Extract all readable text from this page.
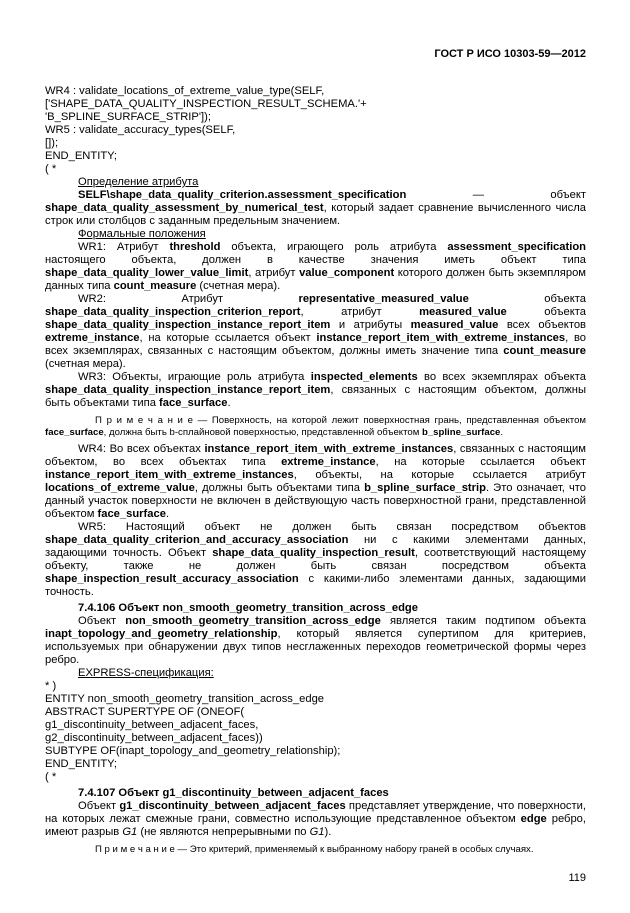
ГОСТ Р ИСО 10303-59—2012
WR4 : validate_locations_of_extreme_value_type(SELF,
['SHAPE_DATA_QUALITY_INSPECTION_RESULT_SCHEMA.'+
'B_SPLINE_SURFACE_STRIP']);
WR5 : validate_accuracy_types(SELF,
[]);
END_ENTITY;
( *
Определение атрибута
SELF\shape_data_quality_criterion.assessment_specification — объект shape_data_quality_assessment_by_numerical_test, который задает сравнение вычисленного числа строк или столбцов с заданным предельным значением.
Формальные положения
WR1: Атрибут threshold объекта, играющего роль атрибута assessment_specification настоящего объекта, должен в качестве значения иметь объект типа shape_data_quality_lower_value_limit, атрибут value_component которого должен быть экземпляром данных типа count_measure (счетная мера).
WR2: Атрибут representative_measured_value объекта shape_data_quality_inspection_criterion_report, атрибут measured_value объекта shape_data_quality_inspection_instance_report_item и атрибуты measured_value всех объектов extreme_instance, на которые ссылается объект instance_report_item_with_extreme_instances, во всех экземплярах, связанных с настоящим объектом, должны иметь значение типа count_measure (счетная мера).
WR3: Объекты, играющие роль атрибута inspected_elements во всех экземплярах объекта shape_data_quality_inspection_instance_report_item, связанных с настоящим объектом, должны быть объектами типа face_surface.
П р и м е ч а н и е — Поверхность, на которой лежит поверхностная грань, представленная объектом face_surface, должна быть b-сплайновой поверхностью, представленной объектом b_spline_surface.
WR4: Во всех объектах instance_report_item_with_extreme_instances, связанных с настоящим объектом, во всех объектах типа extreme_instance, на которые ссылается объект instance_report_item_with_extreme_instances, объекты, на которые ссылается атрибут locations_of_extreme_value, должны быть объектами типа b_spline_surface_strip. Это означает, что данный участок поверхности не включен в действующую часть поверхностной грани, представленной объектом face_surface.
WR5: Настоящий объект не должен быть связан посредством объектов shape_data_quality_criterion_and_accuracy_association ни с какими элементами данных, задающими точность. Объект shape_data_quality_inspection_result, соответствующий настоящему объекту, также не должен быть связан посредством объекта shape_inspection_result_accuracy_association с какими-либо элементами данных, задающими точность.
7.4.106 Объект non_smooth_geometry_transition_across_edge
Объект non_smooth_geometry_transition_across_edge является таким подтипом объекта inapt_topology_and_geometry_relationship, который является супертипом для критериев, используемых при обнаружении двух типов несглаженных переходов геометрической формы через ребро.
EXPRESS-спецификация:
* )
ENTITY non_smooth_geometry_transition_across_edge
ABSTRACT SUPERTYPE OF (ONEOF(
g1_discontinuity_between_adjacent_faces,
g2_discontinuity_between_adjacent_faces))
SUBTYPE OF(inapt_topology_and_geometry_relationship);
END_ENTITY;
( *
7.4.107 Объект g1_discontinuity_between_adjacent_faces
Объект g1_discontinuity_between_adjacent_faces представляет утверждение, что поверхности, на которых лежат смежные грани, совместно использующие представленное объектом edge ребро, имеют разрыв G1 (не являются непрерывными по G1).
П р и м е ч а н и е — Это критерий, применяемый к выбранному набору граней в особых случаях.
119
